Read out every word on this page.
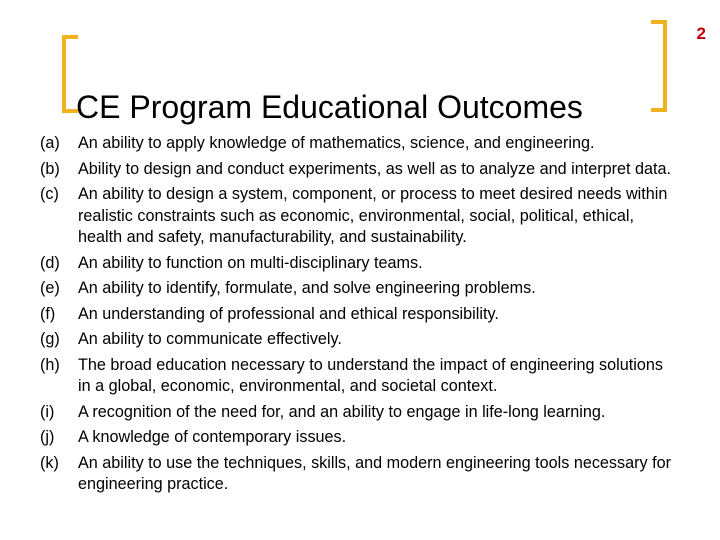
2
CE Program Educational Outcomes
(a)	An ability to apply knowledge of mathematics, science, and engineering.
(b)	Ability to design and conduct experiments, as well as to analyze and interpret data.
(c)	An ability to design a system, component, or process to meet desired needs within realistic constraints such as economic, environmental, social, political, ethical, health and safety, manufacturability, and sustainability.
(d)	An ability to function on multi-disciplinary teams.
(e)	An ability to identify, formulate, and solve engineering problems.
(f)	An understanding of professional and ethical responsibility.
(g)	An ability to communicate effectively.
(h)	The broad education necessary to understand the impact of engineering solutions in a global, economic, environmental, and societal context.
(i)	A recognition of the need for, and an ability to engage in life-long learning.
(j)	A knowledge of contemporary issues.
(k)	An ability to use the techniques, skills, and modern engineering tools necessary for engineering practice.
